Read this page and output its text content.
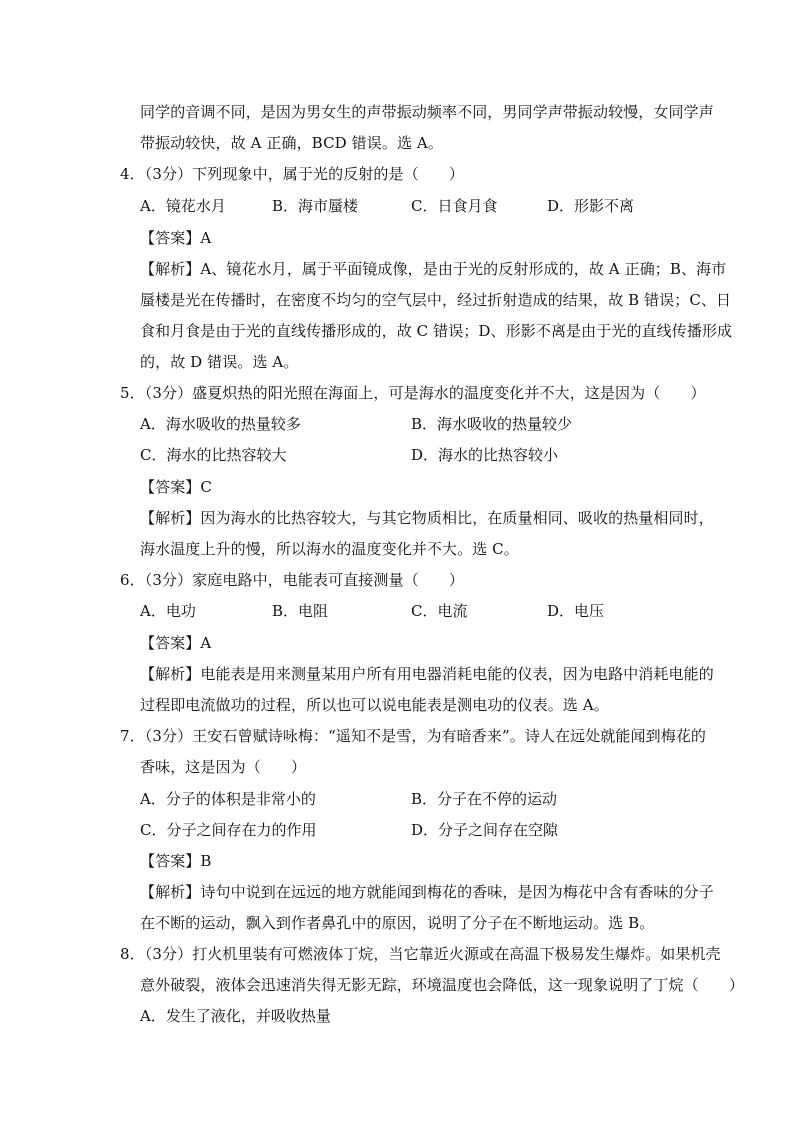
同学的音调不同，是因为男女生的声带振动频率不同，男同学声带振动较慢，女同学声
带振动较快，故 A 正确，BCD 错误。选 A。
4．（3分）下列现象中，属于光的反射的是（　　）
A．镜花水月	B．海市蜃楼	C．日食月食	D．形影不离
【答案】A
【解析】A、镜花水月，属于平面镜成像，是由于光的反射形成的，故 A 正确；B、海市
蜃楼是光在传播时，在密度不均匀的空气层中，经过折射造成的结果，故 B 错误；C、日
食和月食是由于光的直线传播形成的，故 C 错误；D、形影不离是由于光的直线传播形成
的，故 D 错误。选 A。
5．（3分）盛夏炽热的阳光照在海面上，可是海水的温度变化并不大，这是因为（　　）
A．海水吸收的热量较多	B．海水吸收的热量较少
C．海水的比热容较大	D．海水的比热容较小
【答案】C
【解析】因为海水的比热容较大，与其它物质相比，在质量相同、吸收的热量相同时，
海水温度上升的慢，所以海水的温度变化并不大。选 C。
6．（3分）家庭电路中，电能表可直接测量（　　）
A．电功	B．电阻	C．电流	D．电压
【答案】A
【解析】电能表是用来测量某用户所有用电器消耗电能的仪表，因为电路中消耗电能的
过程即电流做功的过程，所以也可以说电能表是测电功的仪表。选 A。
7．（3分）王安石曾赋诗咏梅：“遥知不是雪，为有暗香来”。诗人在远处就能闻到梅花的
香味，这是因为（　　）
A．分子的体积是非常小的	B．分子在不停的运动
C．分子之间存在力的作用	D．分子之间存在空隙
【答案】B
【解析】诗句中说到在远远的地方就能闻到梅花的香味，是因为梅花中含有香味的分子
在不断的运动，飘入到作者鼻孔中的原因，说明了分子在不断地运动。选 B。
8．（3分）打火机里装有可燃液体丁烷，当它靠近火源或在高温下极易发生爆炸。如果机壳
意外破裂，液体会迅速消失得无影无踪，环境温度也会降低，这一现象说明了丁烷（　　）
A．发生了液化，并吸收热量
